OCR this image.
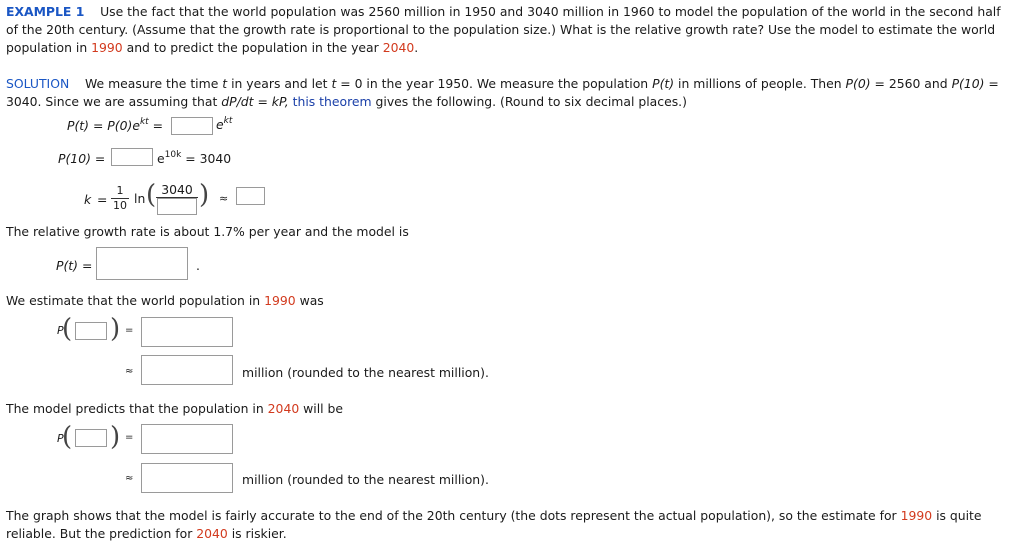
EXAMPLE 1 Use the fact that the world population was 2560 million in 1950 and 3040 million in 1960 to model the population of the world in the second half of the 20th century. (Assume that the growth rate is proportional to the population size.) What is the relative growth rate? Use the model to estimate the world population in 1990 and to predict the population in the year 2040.
SOLUTION We measure the time t in years and let t = 0 in the year 1950. We measure the population P(t) in millions of people. Then P(0) = 2560 and P(10) = 3040. Since we are assuming that dP/dt = kP, this theorem gives the following. (Round to six decimal places.)
$P(t) = P(0)e^{kt}$ =	$e^{kt}$
P(10) =	$e^{10k} = 3040$
k =
1
10 ln ( 3040 ) ≈
The relative growth rate is about 1.7% per year and the model is
P(t) =	.
We estimate that the world population in 1990 was
P
( ) =
≈	million (rounded to the nearest million).
The model predicts that the population in 2040 will be
P
( ) =
≈	million (rounded to the nearest million).
The graph shows that the model is fairly accurate to the end of the 20th century (the dots represent the actual population), so the estimate for 1990 is quite reliable. But the prediction for 2040 is riskier.
